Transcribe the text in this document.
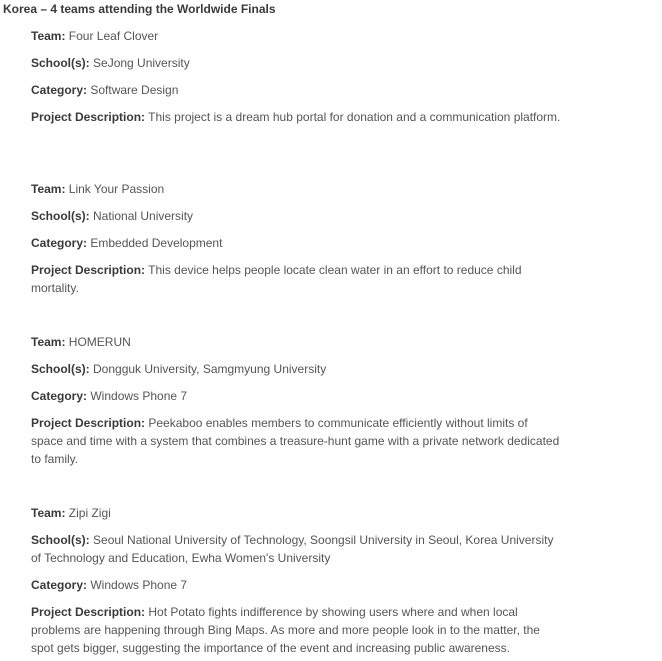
Korea – 4 teams attending the Worldwide Finals

Team: Four Leaf Clover

School(s): SeJong University

Category: Software Design

Project Description: This project is a dream hub portal for donation and a communication platform.

Team: Link Your Passion

School(s): National University

Category: Embedded Development

Project Description: This device helps people locate clean water in an effort to reduce child mortality.

Team: HOMERUN

School(s): Dongguk University, Samgmyung University

Category: Windows Phone 7

Project Description: Peekaboo enables members to communicate efficiently without limits of space and time with a system that combines a treasure-hunt game with a private network dedicated to family.

Team: Zipi Zigi

School(s): Seoul National University of Technology, Soongsil University in Seoul, Korea University of Technology and Education, Ewha Women's University

Category: Windows Phone 7

Project Description: Hot Potato fights indifference by showing users where and when local problems are happening through Bing Maps. As more and more people look in to the matter, the spot gets bigger, suggesting the importance of the event and increasing public awareness.
